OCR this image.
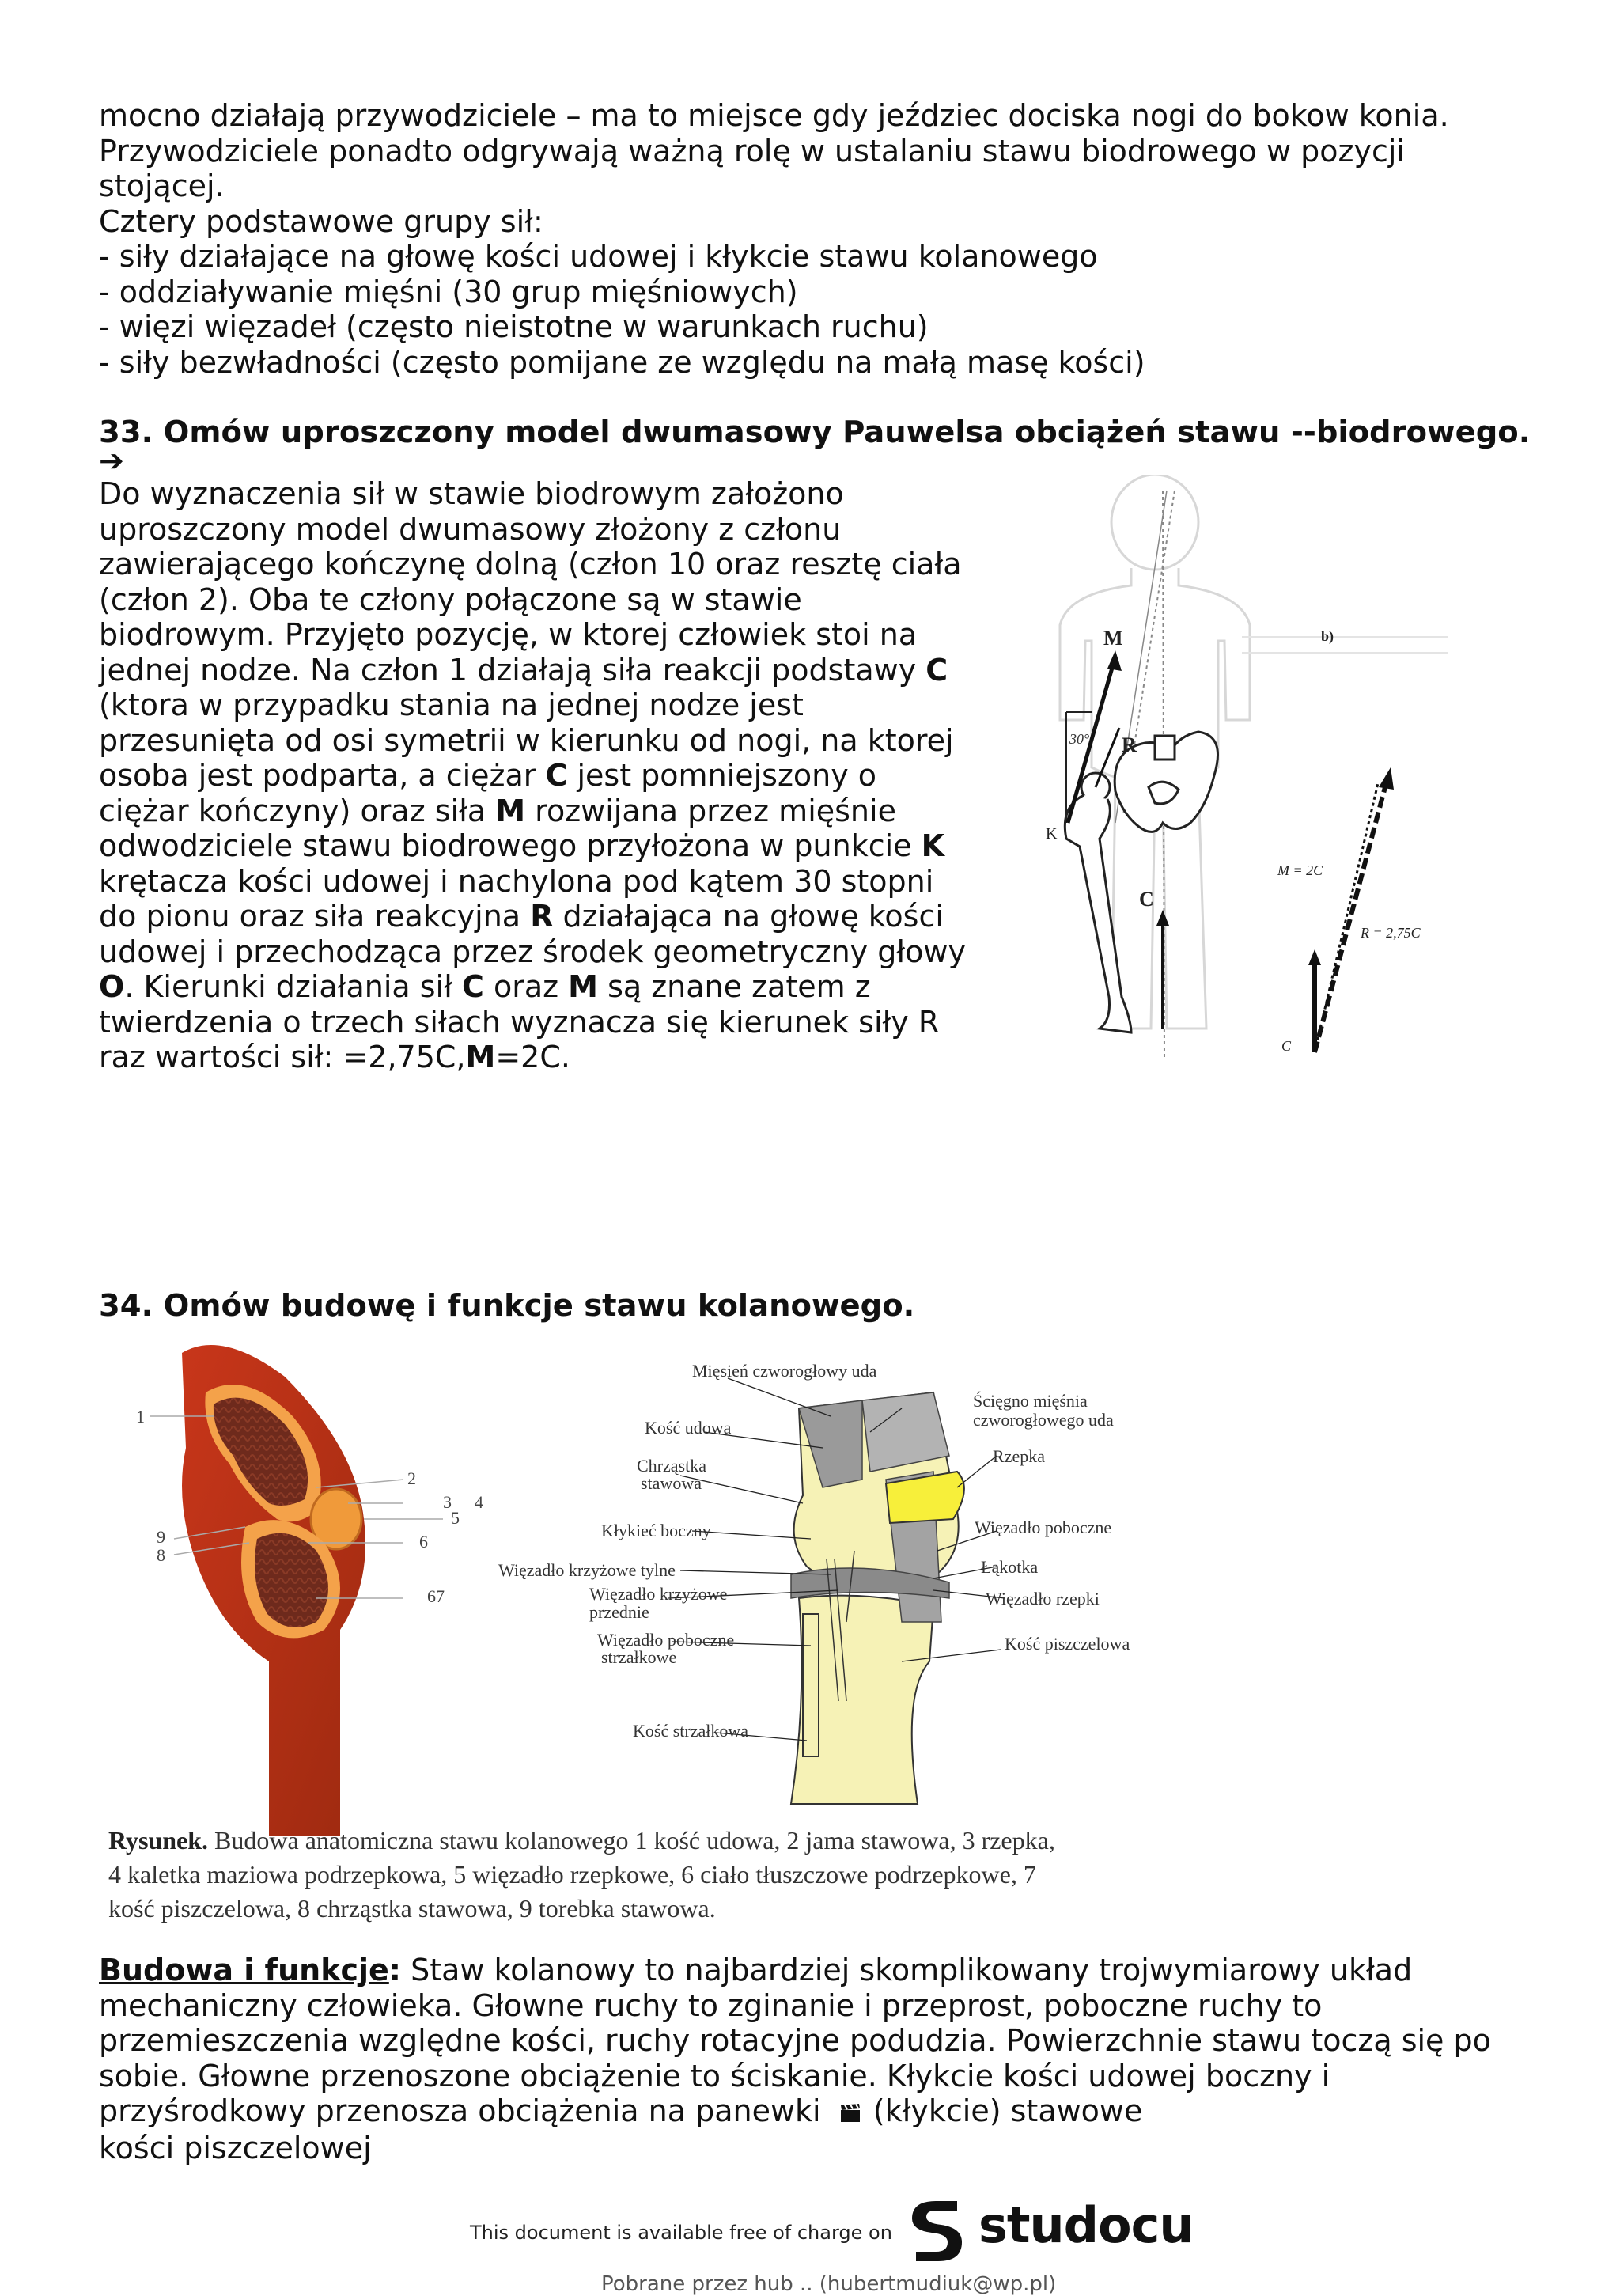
mocno działają przywodziciele – ma to miejsce gdy jeździec dociska nogi do bokow konia.

Przywodziciele ponadto odgrywają ważną rolę w ustalaniu stawu biodrowego w pozycji

stojącej.

Cztery podstawowe grupy sił:

- siły działające na głowę kości udowej i kłykcie stawu kolanowego

- oddziaływanie mięśni (30 grup mięśniowych)

- więzi więzadeł (często nieistotne w warunkach ruchu)

- siły bezwładności (często pomijane ze względu na małą masę kości)

33. Omów uproszczony model dwumasowy Pauwelsa obciążeń stawu --biodrowego.
➔
Do wyznaczenia sił w stawie biodrowym założono
uproszczony model dwumasowy złożony z członu
zawierającego kończynę dolną (człon 10 oraz resztę ciała
(człon 2). Oba te człony połączone są w stawie
biodrowym. Przyjęto pozycję, w ktorej człowiek stoi na
jednej nodze. Na człon 1 działają siła reakcji podstawy C
(ktora w przypadku stania na jednej nodze jest
przesunięta od osi symetrii w kierunku od nogi, na ktorej
osoba jest podparta, a ciężar C jest pomniejszony o
ciężar kończyny) oraz siła M rozwijana przez mięśnie
odwodziciele stawu biodrowego przyłożona w punkcie K
krętacza kości udowej i nachylona pod kątem 30 stopni
do pionu oraz siła reakcyjna R działająca na głowę kości
udowej i przechodząca przez środek geometryczny głowy
O. Kierunki działania sił C oraz M są znane zatem z
twierdzenia o trzech siłach wyznacza się kierunek siły R
raz wartości sił: =2,75C,M=2C.
30°
M
R
C
K
b)
M = 2C
R = 2,75C
C
34. Omów budowę i funkcje stawu kolanowego.
1
2
3 4
5
6
67
9
8
Mięsień czworogłowy uda
Ścięgno mięśnia
czworogłowego uda
Kość udowa
Chrząstka
stawowa
Rzepka
Kłykieć boczny	Więzadło poboczne
Więzadło krzyżowe tylne	Łąkotka
Więzadło krzyżowe
przednie
Więzadło rzepki
Więzadło poboczne
strzałkowe
Kość piszczelowa
Kość strzałkowa
Rysunek. Budowa anatomiczna stawu kolanowego 1 kość udowa, 2 jama stawowa, 3 rzepka,
4 kaletka maziowa podrzepkowa, 5 więzadło rzepkowe, 6 ciało tłuszczowe podrzepkowe, 7
kość piszczelowa, 8 chrząstka stawowa, 9 torebka stawowa.
Budowa i funkcje: Staw kolanowy to najbardziej skomplikowany trojwymiarowy układ
mechaniczny człowieka. Głowne ruchy to zginanie i przeprost, poboczne ruchy to
przemieszczenia względne kości, ruchy rotacyjne podudzia. Powierzchnie stawu toczą się po
sobie. Głowne przenoszone obciążenie to ściskanie. Kłykcie kości udowej boczny i
przyśrodkowy przenosza obciążenia na panewki  (kłykcie) stawowe
kości piszczelowej
This document is available free of charge on studocu
Pobrane przez hub .. (hubertmudiuk@wp.pl)
